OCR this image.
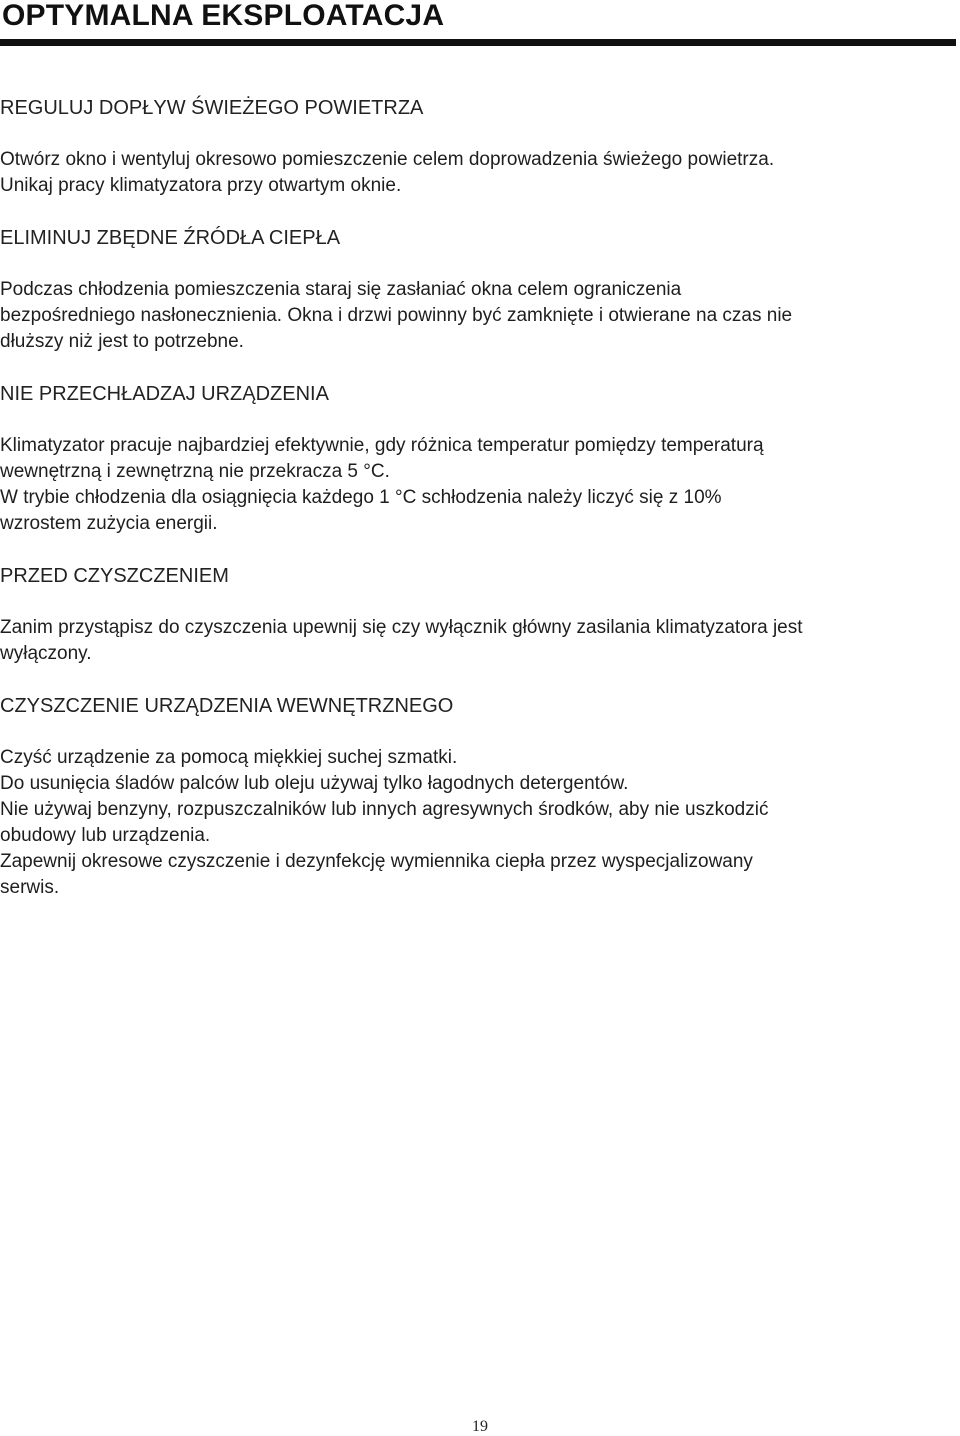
OPTYMALNA EKSPLOATACJA
REGULUJ DOPŁYW ŚWIEŻEGO POWIETRZA

Otwórz okno i wentyluj okresowo pomieszczenie celem doprowadzenia świeżego powietrza.

Unikaj pracy klimatyzatora przy otwartym oknie.

ELIMINUJ ZBĘDNE ŹRÓDŁA CIEPŁA

Podczas chłodzenia pomieszczenia staraj się zasłaniać okna celem ograniczenia

bezpośredniego nasłonecznienia. Okna i drzwi powinny być zamknięte i otwierane na czas nie

dłuższy niż jest to potrzebne.

NIE PRZECHŁADZAJ URZĄDZENIA

Klimatyzator pracuje najbardziej efektywnie, gdy różnica temperatur pomiędzy temperaturą

wewnętrzną i zewnętrzną nie przekracza 5 °C.

W trybie chłodzenia dla osiągnięcia każdego 1 °C schłodzenia należy liczyć się z 10%

wzrostem zużycia energii.

PRZED CZYSZCZENIEM

Zanim przystąpisz do czyszczenia upewnij się czy wyłącznik główny zasilania klimatyzatora jest

wyłączony.

CZYSZCZENIE URZĄDZENIA WEWNĘTRZNEGO

Czyść urządzenie za pomocą miękkiej suchej szmatki.

Do usunięcia śladów palców lub oleju używaj tylko łagodnych detergentów.

Nie używaj benzyny, rozpuszczalników lub innych agresywnych środków, aby nie uszkodzić

obudowy lub urządzenia.

Zapewnij okresowe czyszczenie i dezynfekcję wymiennika ciepła przez wyspecjalizowany

serwis.

19
